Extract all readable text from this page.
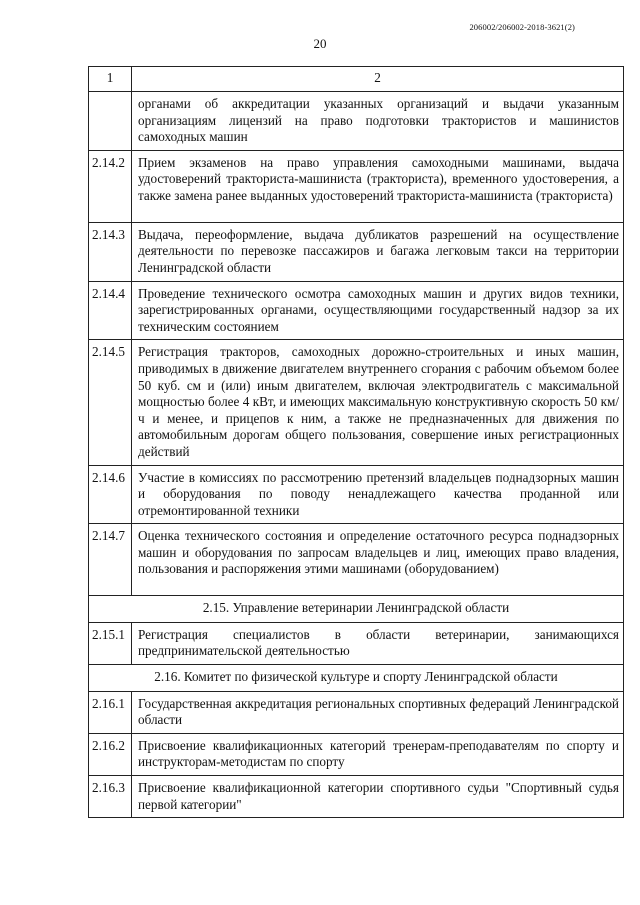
206002/206002-2018-3621(2)
20
1	2
	органами об аккредитации указанных организаций и выдачи указанным организациям лицензий на право подготовки трактористов и машинистов самоходных машин
2.14.2	Прием экзаменов на право управления самоходными машинами, выдача удостоверений тракториста-машиниста (тракториста), временного удостоверения, а также замена ранее выданных удостоверений тракториста-машиниста (тракториста)
2.14.3	Выдача, переоформление, выдача дубликатов разрешений на осуществление деятельности по перевозке пассажиров и багажа легковым такси на территории Ленинградской области
2.14.4	Проведение технического осмотра самоходных машин и других видов техники, зарегистрированных органами, осуществляющими государственный надзор за их техническим состоянием
2.14.5	Регистрация тракторов, самоходных дорожно-строительных и иных машин, приводимых в движение двигателем внутреннего сгорания с рабочим объемом более 50 куб. см и (или) иным двигателем, включая электродвигатель с максимальной мощностью более 4 кВт, и имеющих максимальную конструктивную скорость 50 км/ч и менее, и прицепов к ним, а также не предназначенных для движения по автомобильным дорогам общего пользования, совершение иных регистрационных действий
2.14.6	Участие в комиссиях по рассмотрению претензий владельцев поднадзорных машин и оборудования по поводу ненадлежащего качества проданной или отремонтированной техники
2.14.7	Оценка технического состояния и определение остаточного ресурса поднадзорных машин и оборудования по запросам владельцев и лиц, имеющих право владения, пользования и распоряжения этими машинами (оборудованием)
2.15. Управление ветеринарии Ленинградской области	
2.15.1	Регистрация специалистов в области ветеринарии, занимающихся предпринимательской деятельностью
2.16. Комитет по физической культуре и спорту Ленинградской области	
2.16.1	Государственная аккредитация региональных спортивных федераций Ленинградской области
2.16.2	Присвоение квалификационных категорий тренерам-преподавателям по спорту и инструкторам-методистам по спорту
2.16.3	Присвоение квалификационной категории спортивного судьи "Спортивный судья первой категории"
